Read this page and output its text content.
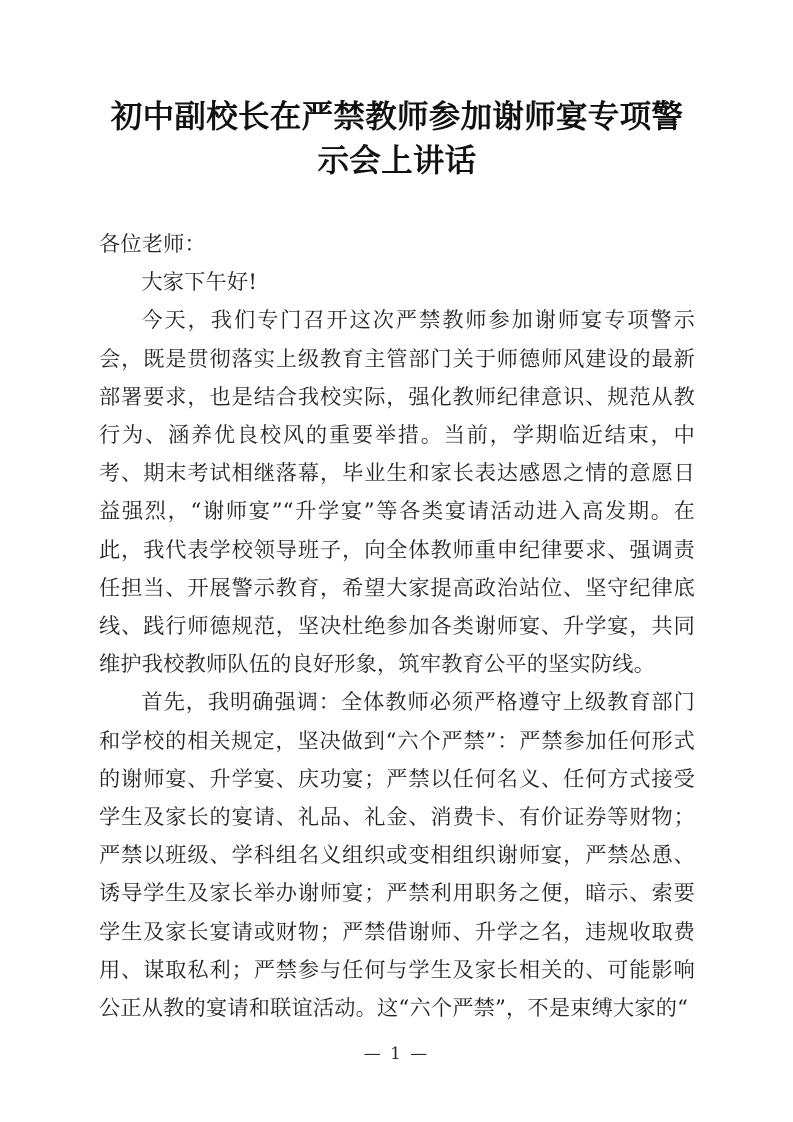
初中副校长在严禁教师参加谢师宴专项警示会上讲话

各位老师：

大家下午好!

今天，我们专门召开这次严禁教师参加谢师宴专项警示会，既是贯彻落实上级教育主管部门关于师德师风建设的最新部署要求，也是结合我校实际，强化教师纪律意识、规范从教行为、涵养优良校风的重要举措。当前，学期临近结束，中考、期末考试相继落幕，毕业生和家长表达感恩之情的意愿日益强烈，“谢师宴”“升学宴”等各类宴请活动进入高发期。在此，我代表学校领导班子，向全体教师重申纪律要求、强调责任担当、开展警示教育，希望大家提高政治站位、坚守纪律底线、践行师德规范，坚决杜绝参加各类谢师宴、升学宴，共同维护我校教师队伍的良好形象，筑牢教育公平的坚实防线。

首先，我明确强调：全体教师必须严格遵守上级教育部门和学校的相关规定，坚决做到“六个严禁”：严禁参加任何形式的谢师宴、升学宴、庆功宴；严禁以任何名义、任何方式接受学生及家长的宴请、礼品、礼金、消费卡、有价证券等财物；严禁以班级、学科组名义组织或变相组织谢师宴，严禁怂恿、诱导学生及家长举办谢师宴；严禁利用职务之便，暗示、索要学生及家长宴请或财物；严禁借谢师、升学之名，违规收取费用、谋取私利；严禁参与任何与学生及家长相关的、可能影响公正从教的宴请和联谊活动。这“六个严禁”，不是束缚大家的“

— 1 —
